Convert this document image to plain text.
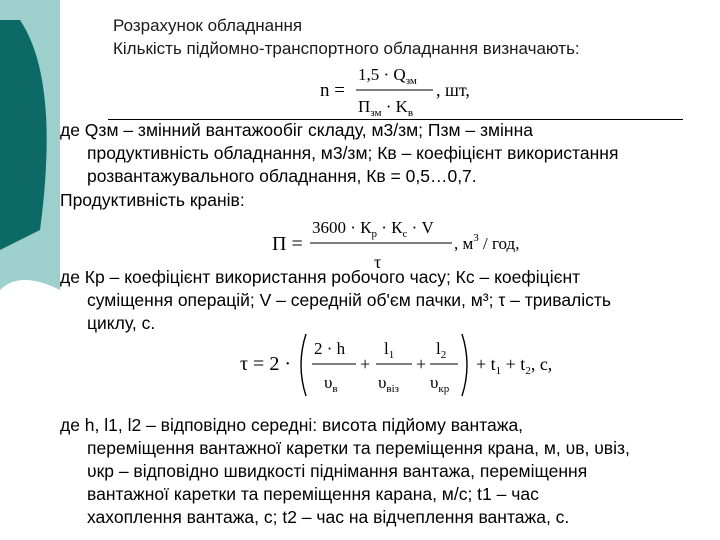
Розрахунок обладнання
Кількість підйомно-транспортного обладнання визначають:
n =
$1,5 \cdot Q_{зм}$
$П_{зм} \cdot K_в$
, шт,
де Qзм – змінний вантажообіг складу, м3/зм; Пзм – змінна
продуктивність обладнання, м3/зм; Кв – коефіцієнт використання
розвантажувального обладнання, Кв = 0,5…0,7.
Продуктивність кранів:
П =
$3600 \cdot К_р \cdot К_с \cdot V$
τ
, $м^3$ / год,
де Кр – коефіцієнт використання робочого часу; Кс – коефіцієнт
суміщення операцій; V – середній об'єм пачки, м³; τ – тривалість
циклу, с.
τ = 2 ·
2 · h
$\upsilon_в$
+
$l_1$
$\upsilon_{віз}$
+
$l_2$
$\upsilon_{кр}$
+ $t_1 + t_2$, с,
де h, l1, l2 – відповідно середні: висота підйому вантажа,
переміщення вантажної каретки та переміщення крана, м, υв, υвіз,
υкр – відповідно швидкості піднімання вантажа, переміщення
вантажної каретки та переміщення карана, м/с; t1 – час
хахоплення вантажа, с; t2 – час на відчеплення вантажа, с.
